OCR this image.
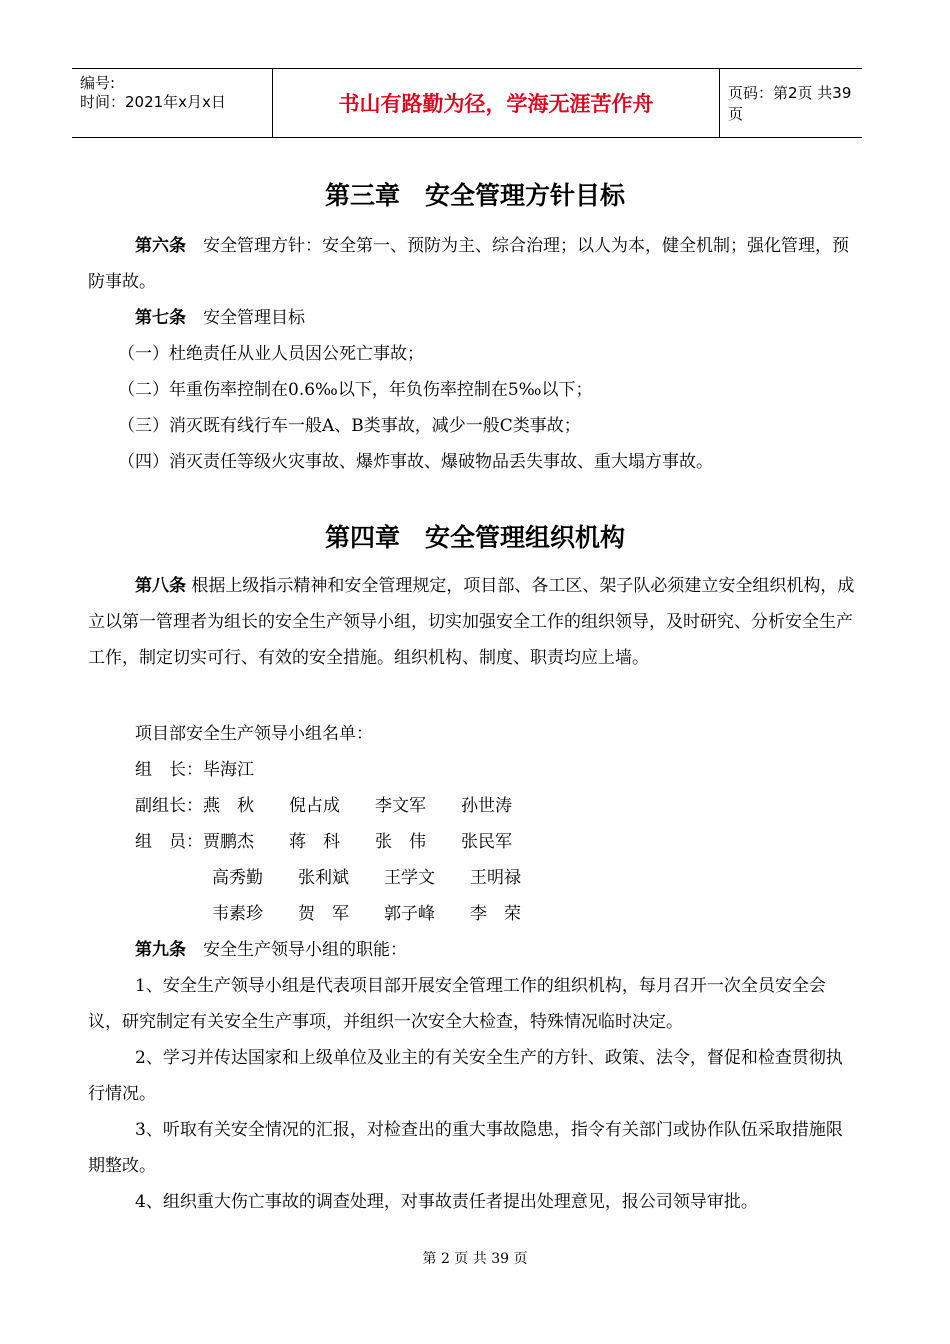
编号:
时间：2021年x月x日	书山有路勤为径，学海无涯苦作舟	页码：第2页 共39页
第三章　安全管理方针目标

第六条　安全管理方针：安全第一、预防为主、综合治理；以人为本，健全机制；强化管理，预防事故。

第七条　安全管理目标

（一）杜绝责任从业人员因公死亡事故；
（二）年重伤率控制在0.6‰以下，年负伤率控制在5‰以下；
（三）消灭既有线行车一般A、B类事故，减少一般C类事故；
（四）消灭责任等级火灾事故、爆炸事故、爆破物品丢失事故、重大塌方事故。
第四章　安全管理组织机构

第八条 根据上级指示精神和安全管理规定，项目部、各工区、架子队必须建立安全组织机构，成立以第一管理者为组长的安全生产领导小组，切实加强安全工作的组织领导，及时研究、分析安全生产工作，制定切实可行、有效的安全措施。组织机构、制度、职责均应上墙。

项目部安全生产领导小组名单：
组　长：毕海江
副组长：燕　秋 倪占成 李文军 孙世涛
组　员：贾鹏杰 蒋　科 张　伟 张民军
高秀勤 张利斌 王学文 王明禄
韦素珍 贺　军 郭子峰 李　荣

第九条　安全生产领导小组的职能：

1、安全生产领导小组是代表项目部开展安全管理工作的组织机构，每月召开一次全员安全会议，研究制定有关安全生产事项，并组织一次安全大检查，特殊情况临时决定。

2、学习并传达国家和上级单位及业主的有关安全生产的方针、政策、法令，督促和检查贯彻执行情况。

3、听取有关安全情况的汇报，对检查出的重大事故隐患，指令有关部门或协作队伍采取措施限期整改。

4、组织重大伤亡事故的调查处理，对事故责任者提出处理意见，报公司领导审批。

第 2 页 共 39 页
